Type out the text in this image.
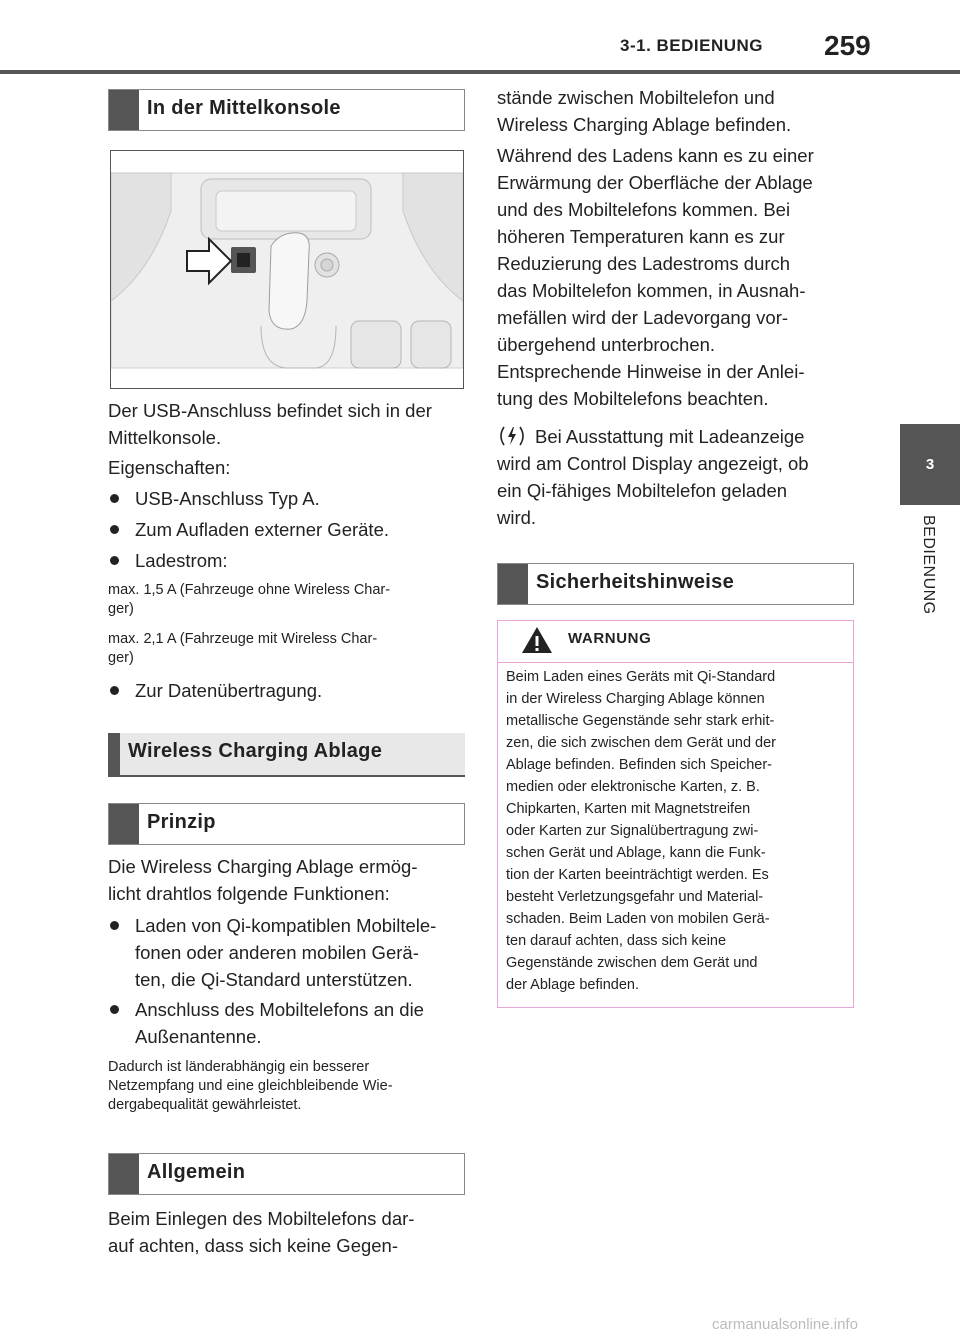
3-1. BEDIENUNG 259
3
BEDIENUNG
In der Mittelkonsole
Der USB-Anschluss befindet sich in der Mittelkonsole.
Eigenschaften:
USB-Anschluss Typ A.
Zum Aufladen externer Geräte.
Ladestrom:
max. 1,5 A (Fahrzeuge ohne Wireless Char-
ger)
max. 2,1 A (Fahrzeuge mit Wireless Char-
ger)
Zur Datenübertragung.
Wireless Charging Ablage
Prinzip
Die Wireless Charging Ablage ermög-
licht drahtlos folgende Funktionen:
Laden von Qi-kompatiblen Mobiltele-
fonen oder anderen mobilen Gerä-
ten, die Qi-Standard unterstützen.
Anschluss des Mobiltelefons an die
Außenantenne.
Dadurch ist länderabhängig ein besserer
Netzempfang und eine gleichbleibende Wie-
dergabequalität gewährleistet.
Allgemein
Beim Einlegen des Mobiltelefons dar-
auf achten, dass sich keine Gegen-
stände zwischen Mobiltelefon und
Wireless Charging Ablage befinden.
Während des Ladens kann es zu einer
Erwärmung der Oberfläche der Ablage
und des Mobiltelefons kommen. Bei
höheren Temperaturen kann es zur
Reduzierung des Ladestroms durch
das Mobiltelefon kommen, in Ausnah-
mefällen wird der Ladevorgang vor-
übergehend unterbrochen.
Entsprechende Hinweise in der Anlei-
tung des Mobiltelefons beachten.
Bei Ausstattung mit Ladeanzeige
wird am Control Display angezeigt, ob
ein Qi-fähiges Mobiltelefon geladen
wird.
Sicherheitshinweise
WARNUNG
Beim Laden eines Geräts mit Qi-Standard
in der Wireless Charging Ablage können
metallische Gegenstände sehr stark erhit-
zen, die sich zwischen dem Gerät und der
Ablage befinden. Befinden sich Speicher-
medien oder elektronische Karten, z. B.
Chipkarten, Karten mit Magnetstreifen
oder Karten zur Signalübertragung zwi-
schen Gerät und Ablage, kann die Funk-
tion der Karten beeinträchtigt werden. Es
besteht Verletzungsgefahr und Material-
schaden. Beim Laden von mobilen Gerä-
ten darauf achten, dass sich keine
Gegenstände zwischen dem Gerät und
der Ablage befinden.
carmanualsonline.info
